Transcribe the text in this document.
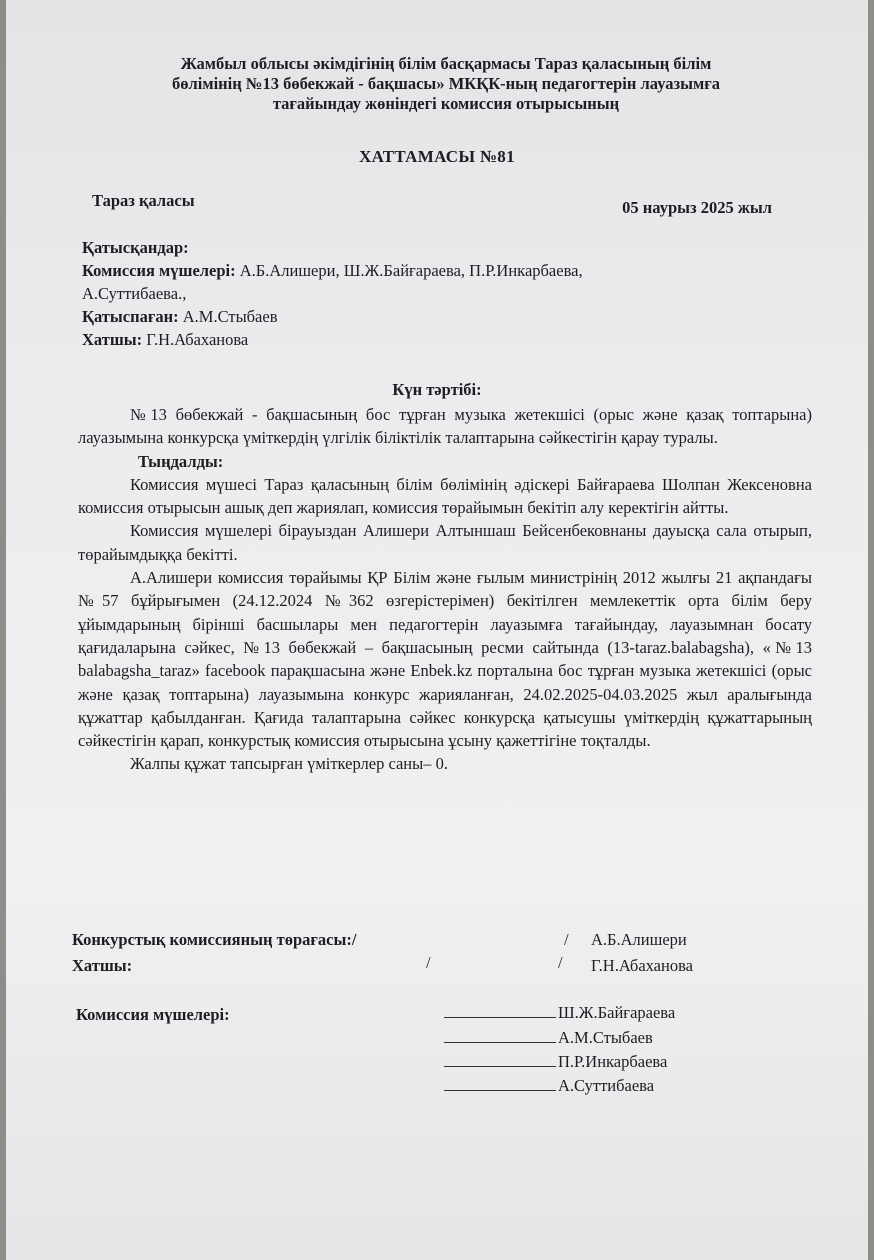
Жамбыл облысы әкімдігінің білім басқармасы Тараз қаласының білім
бөлімінің №13 бөбекжай - бақшасы» МКҚК-ның педагогтерін лауазымға
тағайындау жөніндегі комиссия отырысының
ХАТТАМАСЫ №81
Тараз қаласы	05 наурыз 2025 жыл
Қатысқандар:
Комиссия мүшелері: А.Б.Алишери, Ш.Ж.Байғараева, П.Р.Инкарбаева,
А.Суттибаева.,
Қатыспаған: А.М.Стыбаев
Хатшы: Г.Н.Абаханова
Күн тәртібі:

№13 бөбекжай - бақшасының бос тұрған музыка жетекшісі (орыс және қазақ топтарына) лауазымына конкурсқа үміткердің үлгілік біліктілік талаптарына сәйкестігін қарау туралы.

Тыңдалды:

Комиссия мүшесі Тараз қаласының білім бөлімінің әдіскері Байғараева Шолпан Жексеновна комиссия отырысын ашық деп жариялап, комиссия төрайымын бекітіп алу керектігін айтты.

Комиссия мүшелері бірауыздан Алишери Алтыншаш Бейсенбековнаны дауысқа сала отырып, төрайымдыққа бекітті.

А.Алишери комиссия төрайымы ҚР Білім және ғылым министрінің 2012 жылғы 21 ақпандағы №57 бұйрығымен (24.12.2024 №362 өзгерістерімен) бекітілген мемлекеттік орта білім беру ұйымдарының бірінші басшылары мен педагогтерін лауазымға тағайындау, лауазымнан босату қағидаларына сәйкес, №13 бөбекжай – бақшасының ресми сайтында (13-taraz.balabagsha), «№13 balabagsha_taraz» facebook парақшасына және Enbek.kz порталына бос тұрған музыка жетекшісі (орыс және қазақ топтарына) лауазымына конкурс жарияланған, 24.02.2025-04.03.2025 жыл аралығында құжаттар қабылданған. Қағида талаптарына сәйкес конкурсқа қатысушы үміткердің құжаттарының сәйкестігін қарап, конкурстық комиссия отырысына ұсыну қажеттігіне тоқталды.

Жалпы құжат тапсырған үміткерлер саны– 0.

Конкурстық комиссияның төрағасы:/	/ А.Б.Алишери
Хатшы:	/	/ Г.Н.Абаханова
Комиссия мүшелері:	Ш.Ж.Байғараева
А.М.Стыбаев
П.Р.Инкарбаева
А.Суттибаева
